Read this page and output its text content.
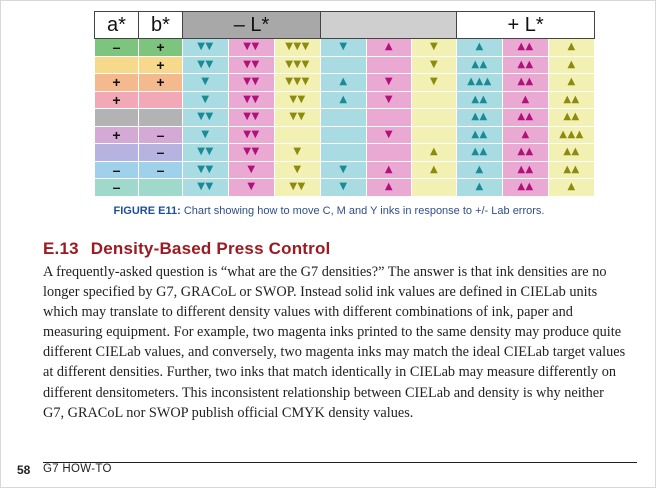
a*	b*	– L*						+ L*		
–	+	▼▼	▼▼	▼▼▼	▼	▲	▼	▲	▲▲	▲
	+	▼▼	▼▼	▼▼▼			▼	▲▲	▲▲	▲
+	+	▼	▼▼	▼▼▼	▲	▼	▼	▲▲▲	▲▲	▲
+		▼	▼▼	▼▼	▲	▼		▲▲	▲	▲▲
		▼▼	▼▼	▼▼				▲▲	▲▲	▲▲
+	–	▼	▼▼			▼		▲▲	▲	▲▲▲
	–	▼▼	▼▼	▼			▲	▲▲	▲▲	▲▲
–	–	▼▼	▼	▼	▼	▲	▲	▲	▲▲	▲▲
–		▼▼	▼	▼▼	▼	▲		▲	▲▲	▲
FIGURE E11: Chart showing how to move C, M and Y inks in response to +/- Lab errors.
E.13 Density-Based Press Control

A frequently-asked question is “what are the G7 densities?” The answer is that ink densities are no longer specified by G7, GRACoL or SWOP. Instead solid ink values are defined in CIELab units which may translate to different density values with different combinations of ink, paper and measuring equipment. For example, two magenta inks printed to the same density may produce quite different CIELab values, and conversely, two magenta inks may match the ideal CIELab target values at different densities. Further, two inks that match identically in CIELab may measure differently on different densitometers. This inconsistent relationship between CIELab and density is why neither G7, GRACoL nor SWOP publish official CMYK density values.

58 G7 HOW-TO
